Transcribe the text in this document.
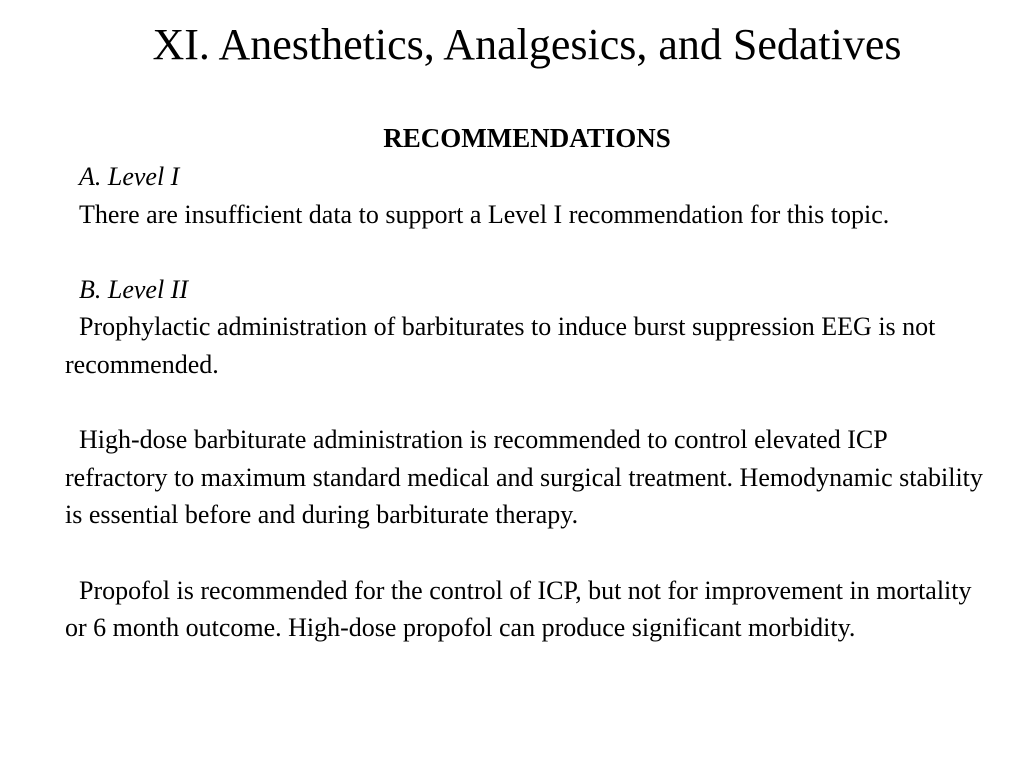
XI. Anesthetics, Analgesics, and Sedatives
RECOMMENDATIONS

A. Level I

There are insufficient data to support a Level I recommendation for this topic.

B. Level II

Prophylactic administration of barbiturates to induce burst suppression EEG is not recommended.

High-dose barbiturate administration is recommended to control elevated ICP refractory to maximum standard medical and surgical treatment. Hemodynamic stability is essential before and during barbiturate therapy.

Propofol is recommended for the control of ICP, but not for improvement in mortality or 6 month outcome. High-dose propofol can produce significant morbidity.
